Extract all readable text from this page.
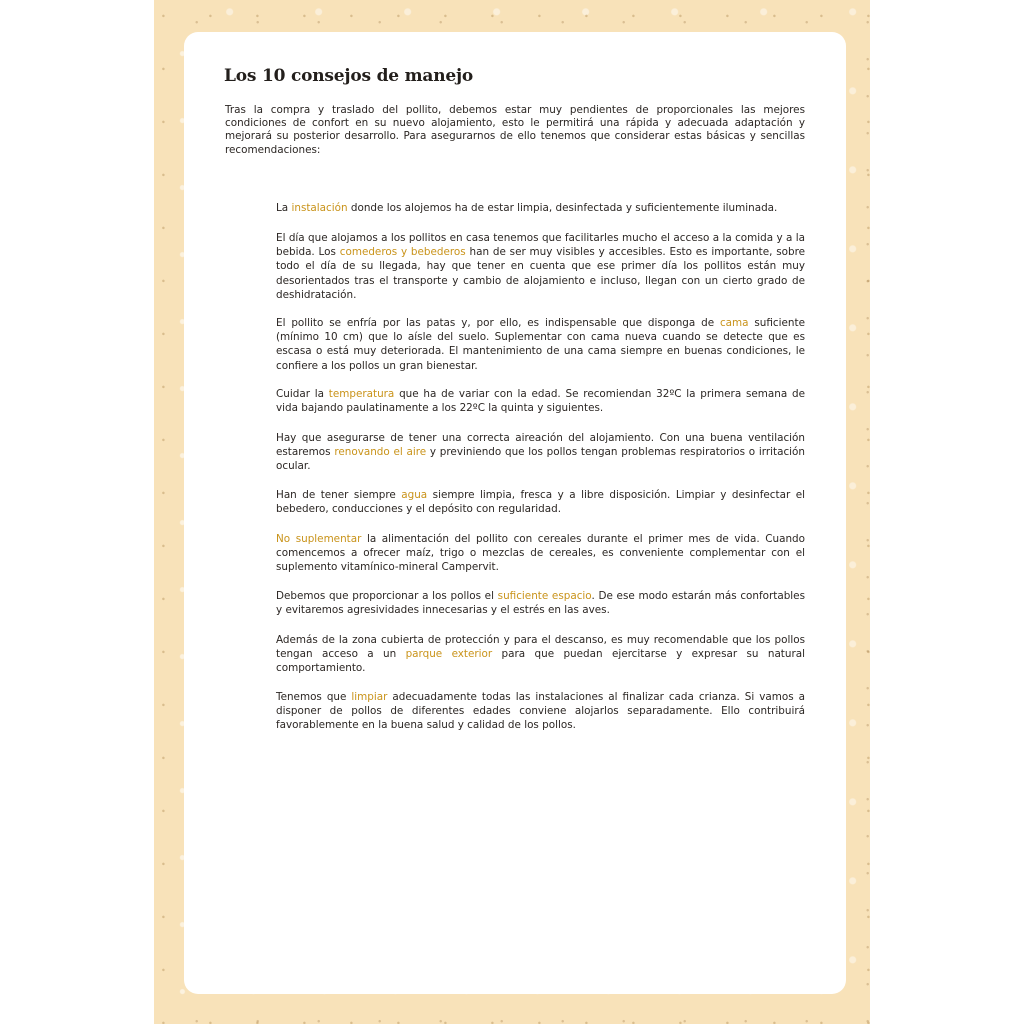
Los 10 consejos de manejo

Tras la compra y traslado del pollito, debemos estar muy pendientes de proporcionales las mejores condiciones de confort en su nuevo alojamiento, esto le permitirá una rápida y adecuada adaptación y mejorará su posterior desarrollo. Para asegurarnos de ello tenemos que considerar estas básicas y sencillas recomendaciones:

La instalación donde los alojemos ha de estar limpia, desinfectada y suficientemente iluminada.

El día que alojamos a los pollitos en casa tenemos que facilitarles mucho el acceso a la comida y a la bebida. Los comederos y bebederos han de ser muy visibles y accesibles. Esto es importante, sobre todo el día de su llegada, hay que tener en cuenta que ese primer día los pollitos están muy desorientados tras el transporte y cambio de alojamiento e incluso, llegan con un cierto grado de deshidratación.

El pollito se enfría por las patas y, por ello, es indispensable que disponga de cama suficiente (mínimo 10 cm) que lo aísle del suelo. Suplementar con cama nueva cuando se detecte que es escasa o está muy deteriorada. El mantenimiento de una cama siempre en buenas condiciones, le confiere a los pollos un gran bienestar.

Cuidar la temperatura que ha de variar con la edad. Se recomiendan 32ºC la primera semana de vida bajando paulatinamente a los 22ºC la quinta y siguientes.

Hay que asegurarse de tener una correcta aireación del alojamiento. Con una buena ventilación estaremos renovando el aire y previniendo que los pollos tengan problemas respiratorios o irritación ocular.

Han de tener siempre agua siempre limpia, fresca y a libre disposición. Limpiar y desinfectar el bebedero, conducciones y el depósito con regularidad.

No suplementar la alimentación del pollito con cereales durante el primer mes de vida. Cuando comencemos a ofrecer maíz, trigo o mezclas de cereales, es conveniente complementar con el suplemento vitamínico-mineral Campervit.

Debemos que proporcionar a los pollos el suficiente espacio. De ese modo estarán más confortables y evitaremos agresividades innecesarias y el estrés en las aves.

Además de la zona cubierta de protección y para el descanso, es muy recomendable que los pollos tengan acceso a un parque exterior para que puedan ejercitarse y expresar su natural comportamiento.

Tenemos que limpiar adecuadamente todas las instalaciones al finalizar cada crianza. Si vamos a disponer de pollos de diferentes edades conviene alojarlos separadamente. Ello contribuirá favorablemente en la buena salud y calidad de los pollos.
